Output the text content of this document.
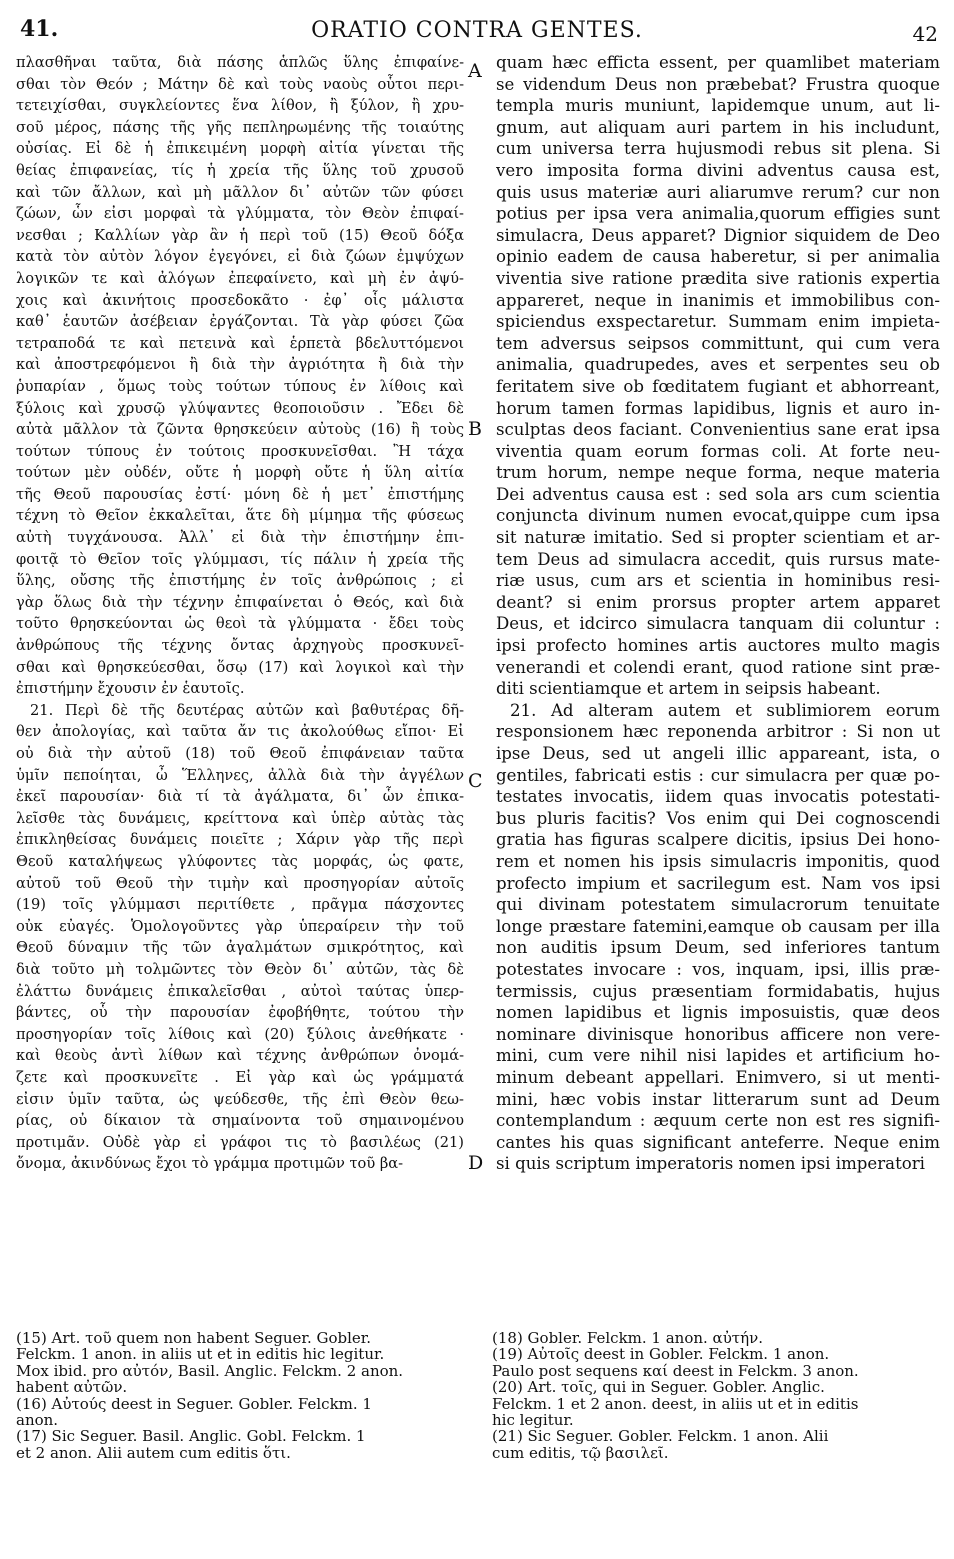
41.	ORATIO CONTRA GENTES.	42
πλασθῆναι ταῦτα, διὰ πάσης ἁπλῶς ὕλης ἐπιφαίνε-
σθαι τὸν Θεόν ; Μάτην δὲ καὶ τοὺς ναοὺς οὗτοι περι-
τετειχίσθαι, συγκλείοντες ἕνα λίθον, ἢ ξύλον, ἢ χρυ-
σοῦ μέρος, πάσης τῆς γῆς πεπληρωμένης τῆς τοιαύτης
οὐσίας. Εἰ δὲ ἡ ἐπικειμένη μορφὴ αἰτία γίνεται τῆς
θείας ἐπιφανείας, τίς ἡ χρεία τῆς ὕλης τοῦ χρυσοῦ
καὶ τῶν ἄλλων, καὶ μὴ μᾶλλον δι᾽ αὐτῶν τῶν φύσει
ζώων, ὧν εἰσι μορφαὶ τὰ γλύμματα, τὸν Θεὸν ἐπιφαί-
νεσθαι ; Καλλίων γὰρ ἂν ἡ περὶ τοῦ (15) Θεοῦ δόξα
κατὰ τὸν αὐτὸν λόγον ἐγεγόνει, εἰ διὰ ζώων ἐμψύχων
λογικῶν τε καὶ ἀλόγων ἐπεφαίνετο, καὶ μὴ ἐν ἀψύ-
χοις καὶ ἀκινήτοις προσεδοκᾶτο · ἐφ᾽ οἷς μάλιστα
καθ᾽ ἑαυτῶν ἀσέβειαν ἐργάζονται. Τὰ γὰρ φύσει ζῶα
τετραποδά τε καὶ πετεινὰ καὶ ἑρπετὰ βδελυττόμενοι
καὶ ἀποστρεφόμενοι ἢ διὰ τὴν ἀγριότητα ἢ διὰ τὴν
ῥυπαρίαν , ὅμως τοὺς τούτων τύπους ἐν λίθοις καὶ
ξύλοις καὶ χρυσῷ γλύψαντες θεοποιοῦσιν . Ἔδει δὲ
αὐτὰ μᾶλλον τὰ ζῶντα θρησκεύειν αὐτοὺς (16) ἢ τοὺς
τούτων τύπους ἐν τούτοις προσκυνεῖσθαι. Ἢ τάχα
τούτων μὲν οὐδέν, οὔτε ἡ μορφὴ οὔτε ἡ ὕλη αἰτία
τῆς Θεοῦ παρουσίας ἐστί· μόνη δὲ ἡ μετ᾽ ἐπιστήμης
τέχνη τὸ Θεῖον ἐκκαλεῖται, ἅτε δὴ μίμημα τῆς φύσεως
αὐτὴ τυγχάνουσα. Ἀλλ᾽ εἰ διὰ τὴν ἐπιστήμην ἐπι-
φοιτᾷ τὸ Θεῖον τοῖς γλύμμασι, τίς πάλιν ἡ χρεία τῆς
ὕλης, οὔσης τῆς ἐπιστήμης ἐν τοῖς ἀνθρώποις ; εἰ
γὰρ ὅλως διὰ τὴν τέχνην ἐπιφαίνεται ὁ Θεός, καὶ διὰ
τοῦτο θρησκεύονται ὡς θεοὶ τὰ γλύμματα · ἔδει τοὺς
ἀνθρώπους τῆς τέχνης ὄντας ἀρχηγοὺς προσκυνεῖ-
σθαι καὶ θρησκεύεσθαι, ὅσῳ (17) καὶ λογικοὶ καὶ τὴν
ἐπιστήμην ἔχουσιν ἐν ἑαυτοῖς.
21. Περὶ δὲ τῆς δευτέρας αὐτῶν καὶ βαθυτέρας δῆ-
θεν ἀπολογίας, καὶ ταῦτα ἄν τις ἀκολούθως εἴποι· Εἰ
οὐ διὰ τὴν αὐτοῦ (18) τοῦ Θεοῦ ἐπιφάνειαν ταῦτα
ὑμῖν πεποίηται, ὦ Ἕλληνες, ἀλλὰ διὰ τὴν ἀγγέλων
ἐκεῖ παρουσίαν· διὰ τί τὰ ἀγάλματα, δι᾽ ὧν ἐπικα-
λεῖσθε τὰς δυνάμεις, κρείττονα καὶ ὑπὲρ αὐτὰς τὰς
ἐπικληθείσας δυνάμεις ποιεῖτε ; Χάριν γὰρ τῆς περὶ
Θεοῦ καταλήψεως γλύφοντες τὰς μορφάς, ὡς φατε,
αὐτοῦ τοῦ Θεοῦ τὴν τιμὴν καὶ προσηγορίαν αὐτοῖς
(19) τοῖς γλύμμασι περιτίθετε , πρᾶγμα πάσχοντες
οὐκ εὐαγές. Ὁμολογοῦντες γὰρ ὑπεραίρειν τὴν τοῦ
Θεοῦ δύναμιν τῆς τῶν ἀγαλμάτων σμικρότητος, καὶ
διὰ τοῦτο μὴ τολμῶντες τὸν Θεὸν δι᾽ αὐτῶν, τὰς δὲ
ἐλάττω δυνάμεις ἐπικαλεῖσθαι , αὐτοὶ ταύτας ὑπερ-
βάντες, οὗ τὴν παρουσίαν ἐφοβήθητε, τούτου τὴν
προσηγορίαν τοῖς λίθοις καὶ (20) ξύλοις ἀνεθήκατε ·
καὶ θεοὺς ἀντὶ λίθων καὶ τέχνης ἀνθρώπων ὀνομά-
ζετε καὶ προσκυνεῖτε . Εἰ γὰρ καὶ ὡς γράμματά
εἰσιν ὑμῖν ταῦτα, ὡς ψεύδεσθε, τῆς ἐπὶ Θεὸν θεω-
ρίας, οὐ δίκαιον τὰ σημαίνοντα τοῦ σημαινομένου
προτιμᾶν. Οὐδὲ γὰρ εἰ γράφοι τις τὸ βασιλέως (21)
ὄνομα, ἀκινδύνως ἔχοι τὸ γράμμα προτιμῶν τοῦ βα-
quam hæc efficta essent, per quamlibet materiam
se videndum Deus non præbebat? Frustra quoque
templa muris muniunt, lapidemque unum, aut li-
gnum, aut aliquam auri partem in his includunt,
cum universa terra hujusmodi rebus sit plena. Si
vero imposita forma divini adventus causa est,
quis usus materiæ auri aliarumve rerum? cur non
potius per ipsa vera animalia,quorum effigies sunt
simulacra, Deus apparet? Dignior siquidem de Deo
opinio eadem de causa haberetur, si per animalia
viventia sive ratione prædita sive rationis expertia
appareret, neque in inanimis et immobilibus con-
spiciendus exspectaretur. Summam enim impieta-
tem adversus seipsos committunt, qui cum vera
animalia, quadrupedes, aves et serpentes seu ob
feritatem sive ob fœditatem fugiant et abhorreant,
horum tamen formas lapidibus, lignis et auro in-
sculptas deos faciant. Convenientius sane erat ipsa
viventia quam eorum formas coli. At forte neu-
trum horum, nempe neque forma, neque materia
Dei adventus causa est : sed sola ars cum scientia
conjuncta divinum numen evocat,quippe cum ipsa
sit naturæ imitatio. Sed si propter scientiam et ar-
tem Deus ad simulacra accedit, quis rursus mate-
riæ usus, cum ars et scientia in hominibus resi-
deant? si enim prorsus propter artem apparet
Deus, et idcirco simulacra tanquam dii coluntur :
ipsi profecto homines artis auctores multo magis
venerandi et colendi erant, quod ratione sint præ-
diti scientiamque et artem in seipsis habeant.
21. Ad alteram autem et sublimiorem eorum
responsionem hæc reponenda arbitror : Si non ut
ipse Deus, sed ut angeli illic appareant, ista, o
gentiles, fabricati estis : cur simulacra per quæ po-
testates invocatis, iidem quas invocatis potestati-
bus pluris facitis? Vos enim qui Dei cognoscendi
gratia has figuras scalpere dicitis, ipsius Dei hono-
rem et nomen his ipsis simulacris imponitis, quod
profecto impium et sacrilegum est. Nam vos ipsi
qui divinam potestatem simulacrorum tenuitate
longe præstare fatemini,eamque ob causam per illa
non auditis ipsum Deum, sed inferiores tantum
potestates invocare : vos, inquam, ipsi, illis præ-
termissis, cujus præsentiam formidabatis, hujus
nomen lapidibus et lignis imposuistis, quæ deos
nominare divinisque honoribus afficere non vere-
mini, cum vere nihil nisi lapides et artificium ho-
minum debeant appellari. Enimvero, si ut menti-
mini, hæc vobis instar litterarum sunt ad Deum
contemplandum : æquum certe non est res signifi-
cantes his quas significant anteferre. Neque enim
si quis scriptum imperatoris nomen ipsi imperatori
A
B
C
D
(15) Art. τοῦ quem non habent Seguer. Gobler.
Felckm. 1 anon. in aliis ut et in editis hic legitur.
Mox ibid. pro αὐτόν, Basil. Anglic. Felckm. 2 anon.
habent αὐτῶν.
(16) Αὐτούς deest in Seguer. Gobler. Felckm. 1
anon.
(17) Sic Seguer. Basil. Anglic. Gobl. Felckm. 1
et 2 anon. Alii autem cum editis ὅτι.
(18) Gobler. Felckm. 1 anon. αὐτήν.
(19) Αὐτοῖς deest in Gobler. Felckm. 1 anon.
Paulo post sequens καί deest in Felckm. 3 anon.
(20) Art. τοῖς, qui in Seguer. Gobler. Anglic.
Felckm. 1 et 2 anon. deest, in aliis ut et in editis
hic legitur.
(21) Sic Seguer. Gobler. Felckm. 1 anon. Alii
cum editis, τῷ βασιλεῖ.
